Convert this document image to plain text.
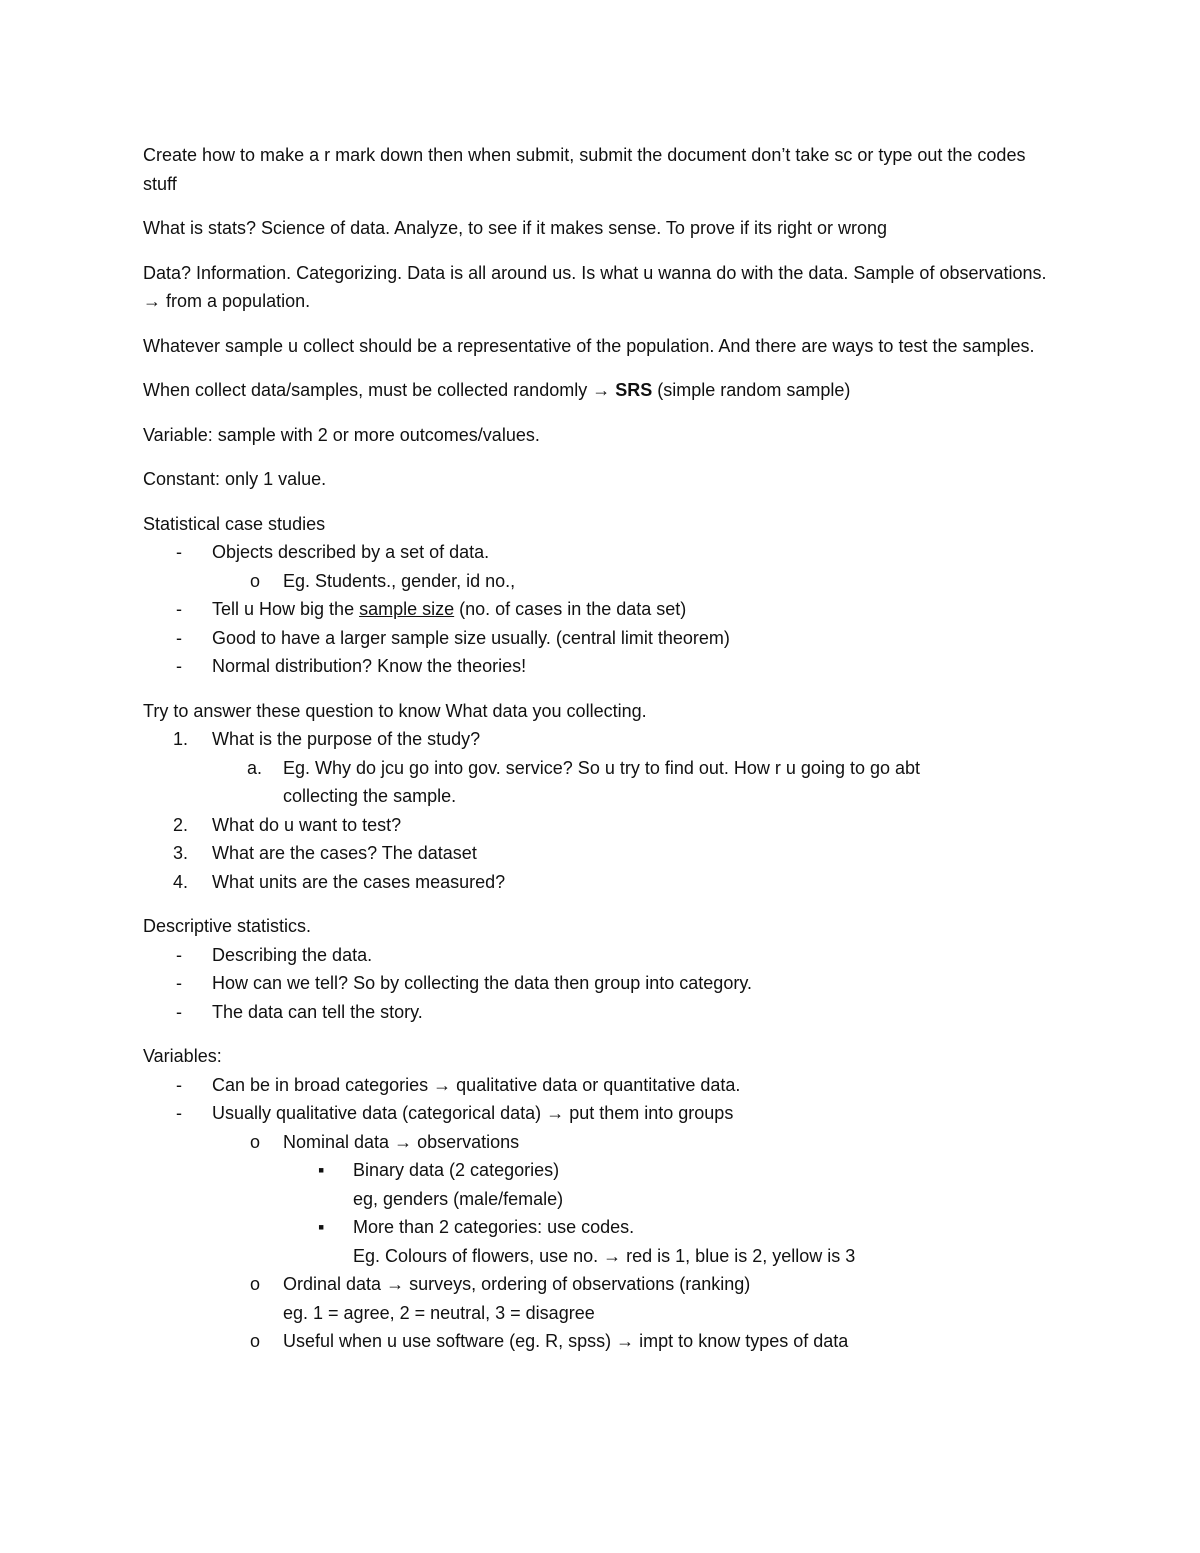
Create how to make a r mark down then when submit, submit the document don’t take sc or type out the codes stuff

What is stats? Science of data. Analyze, to see if it makes sense. To prove if its right or wrong

Data? Information. Categorizing. Data is all around us. Is what u wanna do with the data. Sample of observations. → from a population.

Whatever sample u collect should be a representative of the population. And there are ways to test the samples.

When collect data/samples, must be collected randomly → SRS (simple random sample)

Variable: sample with 2 or more outcomes/values.

Constant: only 1 value.

Statistical case studies
- Objects described by a set of data.
o Eg. Students., gender, id no.,
- Tell u How big the sample size (no. of cases in the data set)
- Good to have a larger sample size usually. (central limit theorem)
- Normal distribution? Know the theories!
Try to answer these question to know What data you collecting.
1. What is the purpose of the study?
a. Eg. Why do jcu go into gov. service? So u try to find out. How r u going to go abt
collecting the sample.
2. What do u want to test?
3. What are the cases? The dataset
4. What units are the cases measured?
Descriptive statistics.
- Describing the data.
- How can we tell? So by collecting the data then group into category.
- The data can tell the story.
Variables:
- Can be in broad categories → qualitative data or quantitative data.
- Usually qualitative data (categorical data) → put them into groups
o Nominal data → observations
▪ Binary data (2 categories)
eg, genders (male/female)
▪ More than 2 categories: use codes.
Eg. Colours of flowers, use no. → red is 1, blue is 2, yellow is 3
o Ordinal data → surveys, ordering of observations (ranking)
eg. 1 = agree, 2 = neutral, 3 = disagree
o Useful when u use software (eg. R, spss) → impt to know types of data
